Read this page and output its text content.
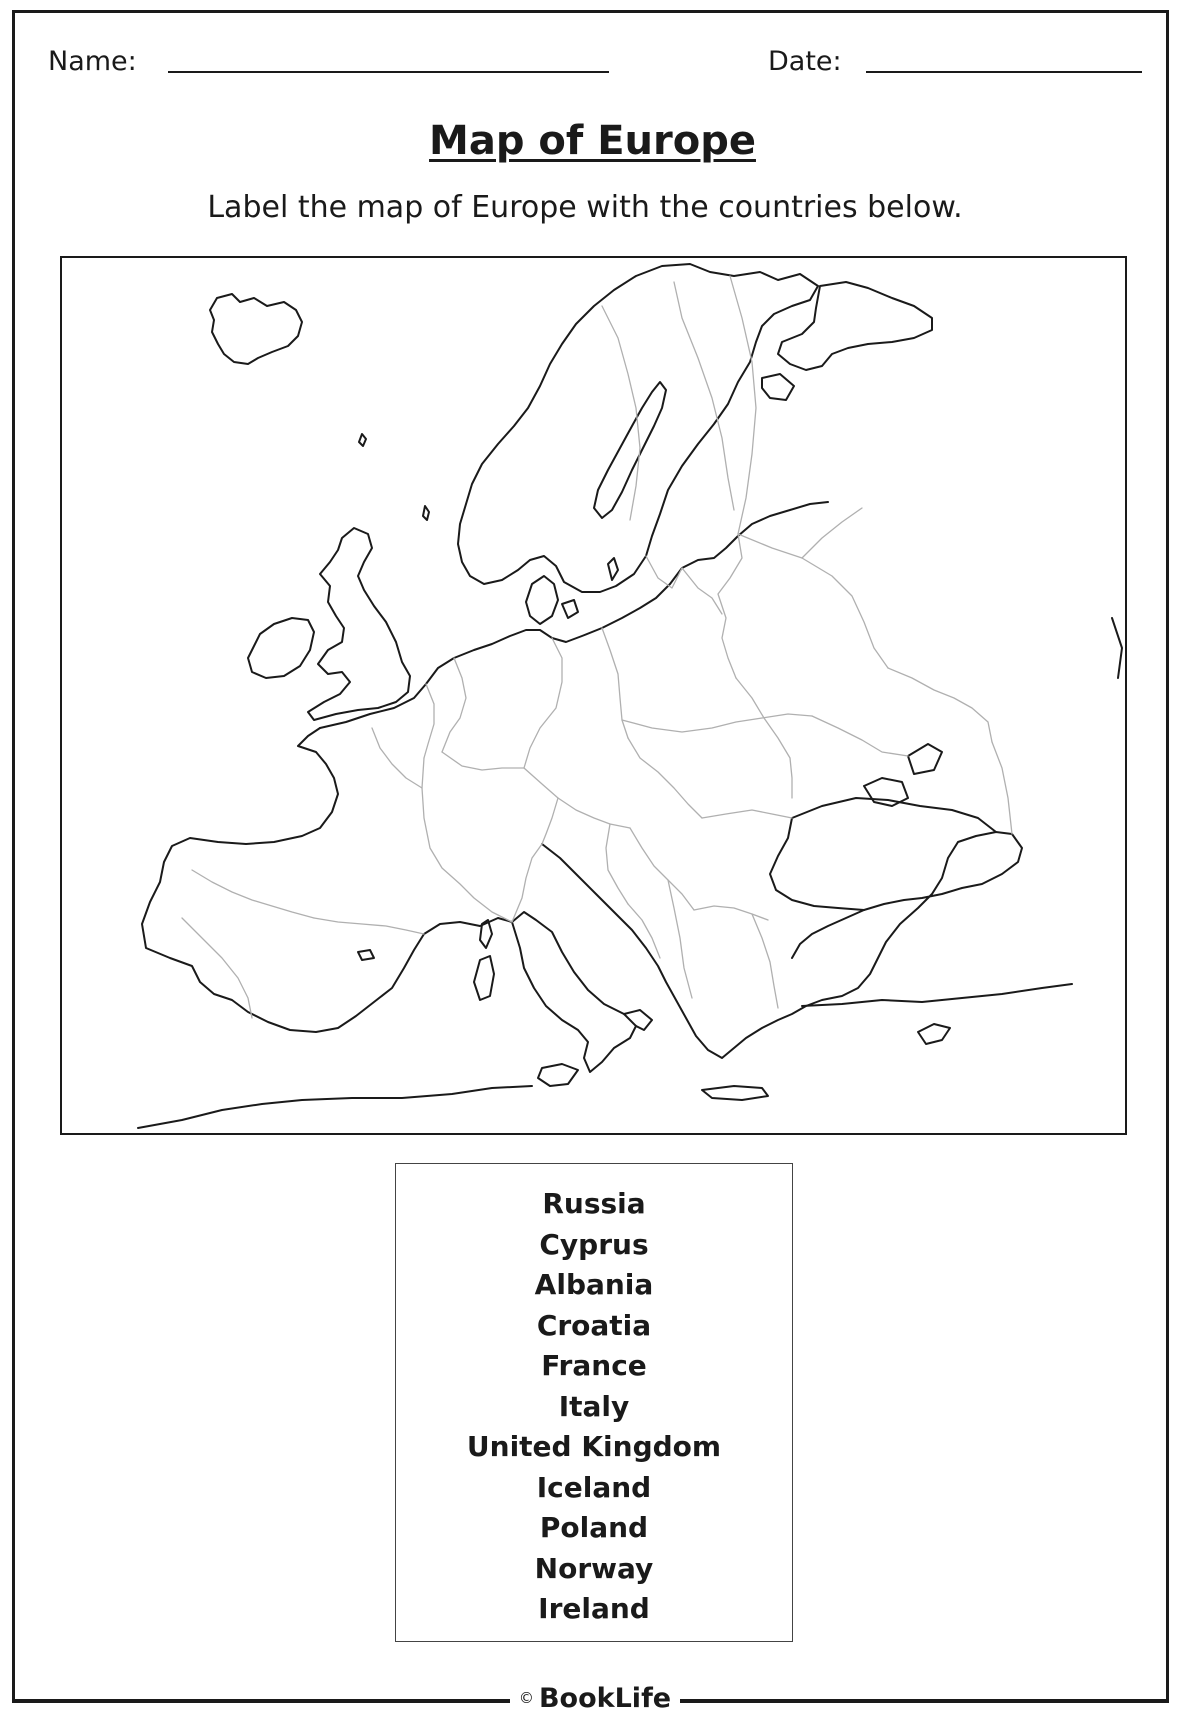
Name:	Date:
Map of Europe
Label the map of Europe with the countries below.
Russia
Cyprus
Albania
Croatia
France
Italy
United Kingdom
Iceland
Poland
Norway
Ireland
© BookLife
